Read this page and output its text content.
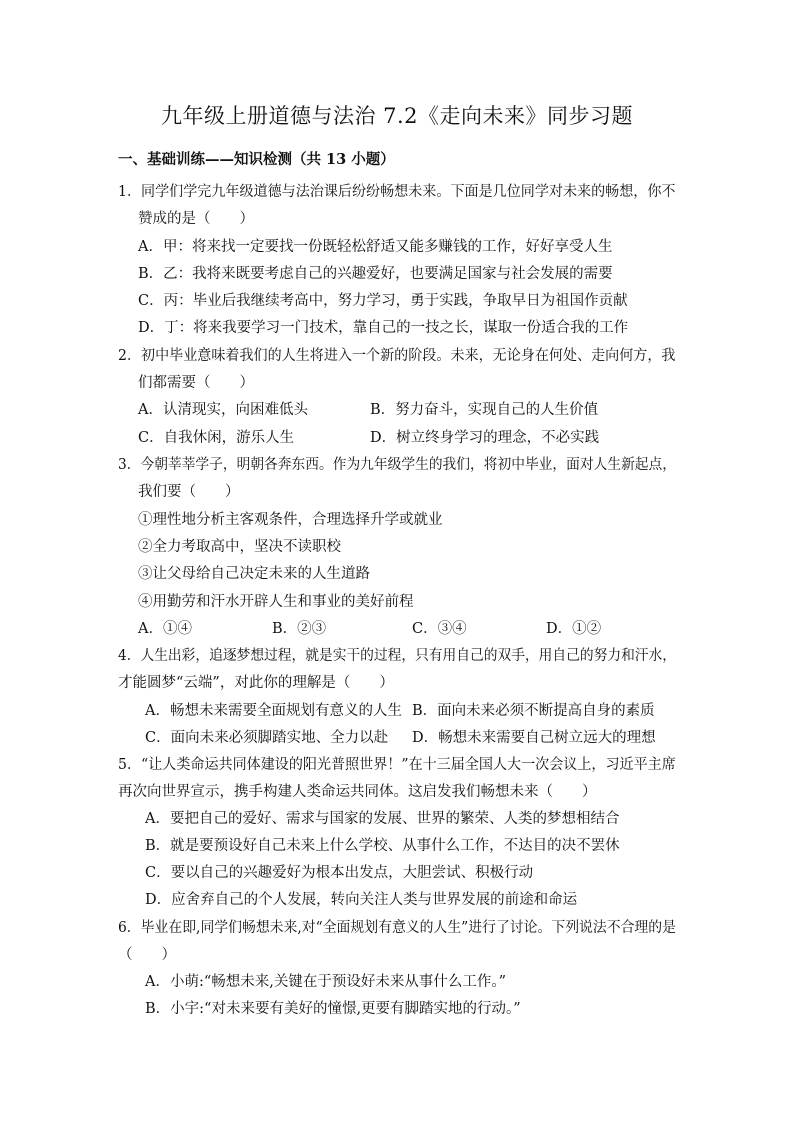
九年级上册道德与法治 7.2《走向未来》同步习题
一、基础训练——知识检测（共 13 小题）
1．同学们学完九年级道德与法治课后纷纷畅想未来。下面是几位同学对未来的畅想，你不
赞成的是（　　）
A．甲：将来找一定要找一份既轻松舒适又能多赚钱的工作，好好享受人生
B．乙：我将来既要考虑自己的兴趣爱好，也要满足国家与社会发展的需要
C．丙：毕业后我继续考高中，努力学习，勇于实践，争取早日为祖国作贡献
D．丁：将来我要学习一门技术，靠自己的一技之长，谋取一份适合我的工作
2．初中毕业意味着我们的人生将进入一个新的阶段。未来，无论身在何处、走向何方，我
们都需要（　　）
A．认清现实，向困难低头	B．努力奋斗，实现自己的人生价值
C．自我休闲，游乐人生	D．树立终身学习的理念，不必实践
3．今朝莘莘学子，明朝各奔东西。作为九年级学生的我们，将初中毕业，面对人生新起点，
我们要（　　）
①理性地分析主客观条件，合理选择升学或就业
②全力考取高中，坚决不读职校
③让父母给自己决定未来的人生道路
④用勤劳和汗水开辟人生和事业的美好前程
A．①④	B．②③	C．③④	D．①②
4．人生出彩，追逐梦想过程，就是实干的过程，只有用自己的双手，用自己的努力和汗水，
才能圆梦“云端”，对此你的理解是（　　）
A．畅想未来需要全面规划有意义的人生 B．面向未来必须不断提高自身的素质
C．面向未来必须脚踏实地、全力以赴 D．畅想未来需要自己树立远大的理想
5．“让人类命运共同体建设的阳光普照世界！”在十三届全国人大一次会议上，习近平主席
再次向世界宣示，携手构建人类命运共同体。这启发我们畅想未来（　　）
A．要把自己的爱好、需求与国家的发展、世界的繁荣、人类的梦想相结合
B．就是要预设好自己未来上什么学校、从事什么工作，不达目的决不罢休
C．要以自己的兴趣爱好为根本出发点，大胆尝试、积极行动
D．应舍弃自己的个人发展，转向关注人类与世界发展的前途和命运
6．毕业在即,同学们畅想未来,对“全面规划有意义的人生”进行了讨论。下列说法不合理的是
（　　）
A．小萌:“畅想未来,关键在于预设好未来从事什么工作。”
B．小宇:“对未来要有美好的憧憬,更要有脚踏实地的行动。”
